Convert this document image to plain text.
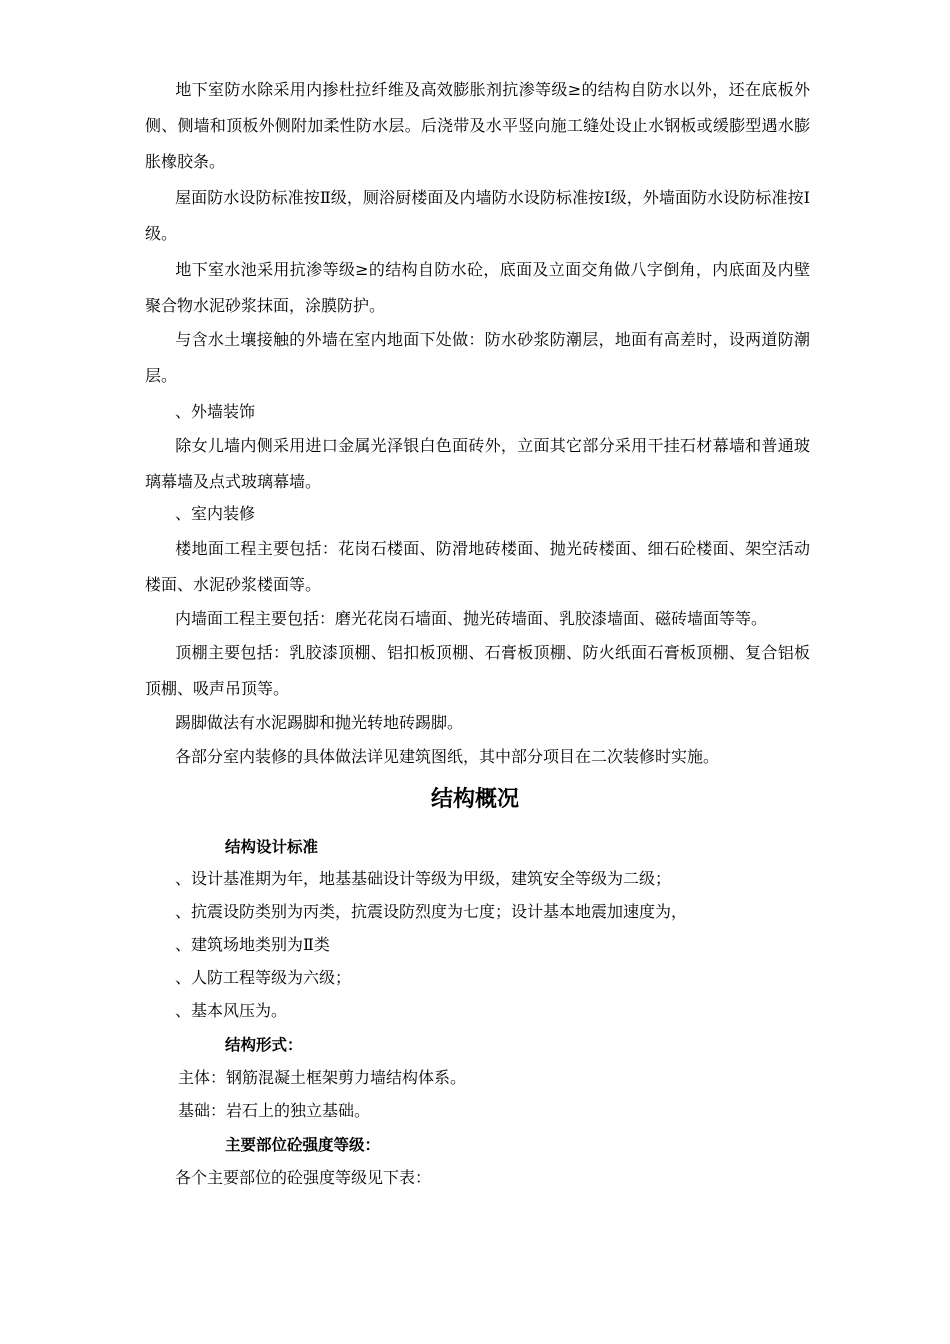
地下室防水除采用内掺杜拉纤维及高效膨胀剂抗渗等级≥的结构自防水以外，还在底板外侧、侧墙和顶板外侧附加柔性防水层。后浇带及水平竖向施工缝处设止水钢板或缓膨型遇水膨胀橡胶条。

屋面防水设防标准按Ⅱ级，厕浴厨楼面及内墙防水设防标准按Ⅰ级，外墙面防水设防标准按Ⅰ级。

地下室水池采用抗渗等级≥的结构自防水砼，底面及立面交角做八字倒角，内底面及内壁聚合物水泥砂浆抹面，涂膜防护。

与含水土壤接触的外墙在室内地面下处做：防水砂浆防潮层，地面有高差时，设两道防潮层。

、外墙装饰

除女儿墙内侧采用进口金属光泽银白色面砖外，立面其它部分采用干挂石材幕墙和普通玻璃幕墙及点式玻璃幕墙。

、室内装修

楼地面工程主要包括：花岗石楼面、防滑地砖楼面、抛光砖楼面、细石砼楼面、架空活动楼面、水泥砂浆楼面等。

内墙面工程主要包括：磨光花岗石墙面、抛光砖墙面、乳胶漆墙面、磁砖墙面等等。

顶棚主要包括：乳胶漆顶棚、铝扣板顶棚、石膏板顶棚、防火纸面石膏板顶棚、复合铝板顶棚、吸声吊顶等。

踢脚做法有水泥踢脚和抛光转地砖踢脚。

各部分室内装修的具体做法详见建筑图纸，其中部分项目在二次装修时实施。

结构概况

结构设计标准

、设计基准期为年，地基基础设计等级为甲级，建筑安全等级为二级；

、抗震设防类别为丙类，抗震设防烈度为七度；设计基本地震加速度为，

、建筑场地类别为Ⅱ类

、人防工程等级为六级；

、基本风压为。

结构形式：

主体：钢筋混凝土框架剪力墙结构体系。

基础：岩石上的独立基础。

主要部位砼强度等级：

各个主要部位的砼强度等级见下表：
